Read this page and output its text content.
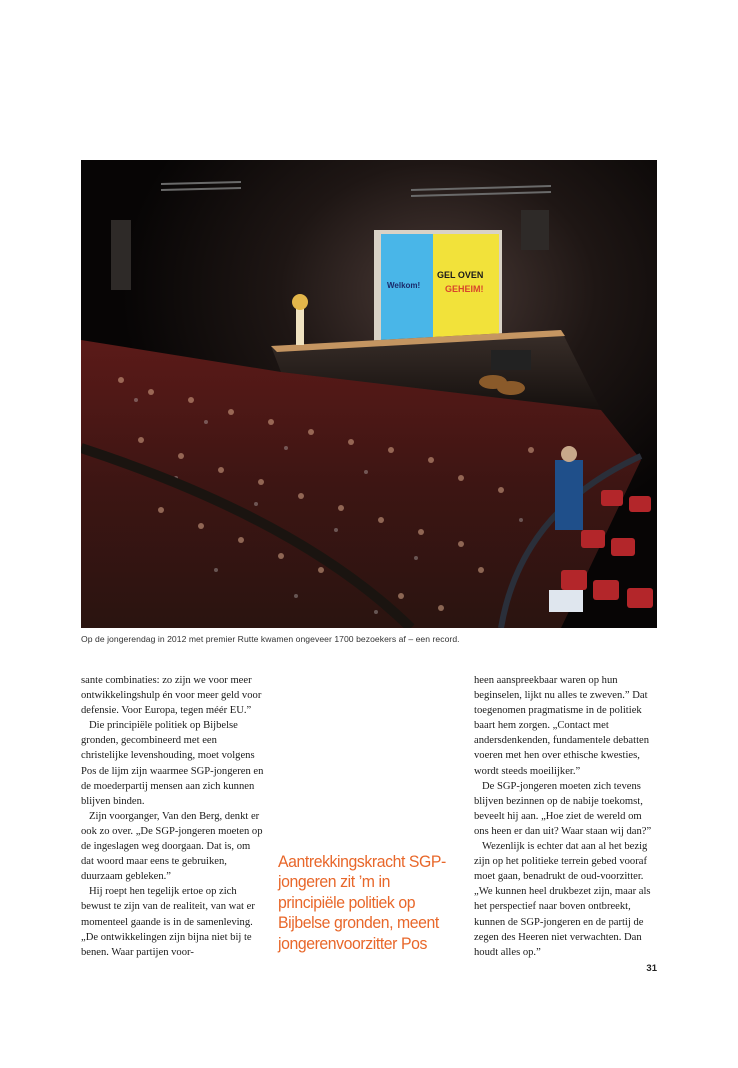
Welkom!
GEL OVEN
GEHEIM!
Op de jongerendag in 2012 met premier Rutte kwamen ongeveer 1700 bezoekers af – een record.

sante combinaties: zo zijn we voor meer ontwikkelingshulp én voor meer geld voor defensie. Voor Europa, tegen méér EU.”

Die principiële politiek op Bijbelse gronden, gecombineerd met een christelijke levenshouding, moet volgens Pos de lijm zijn waarmee SGP-jongeren en de moederpartij mensen aan zich kunnen blijven binden.

Zijn voorganger, Van den Berg, denkt er ook zo over. „De SGP-jongeren moeten op de ingeslagen weg doorgaan. Dat is, om dat woord maar eens te gebruiken, duurzaam gebleken.”

Hij roept hen tegelijk ertoe op zich bewust te zijn van de realiteit, van wat er momenteel gaande is in de samenleving. „De ontwikkelingen zijn bijna niet bij te benen. Waar partijen voor-

Aantrekkingskracht SGP-jongeren zit ’m in principiële politiek op Bijbelse gronden, meent jongerenvoorzitter Pos

heen aanspreekbaar waren op hun beginselen, lijkt nu alles te zweven.” Dat toegenomen pragmatisme in de politiek baart hem zorgen. „Contact met andersdenkenden, fundamentele debatten voeren met hen over ethische kwesties, wordt steeds moeilijker.”

De SGP-jongeren moeten zich tevens blijven bezinnen op de nabije toekomst, beveelt hij aan. „Hoe ziet de wereld om ons heen er dan uit? Waar staan wij dan?”

Wezenlijk is echter dat aan al het bezig zijn op het politieke terrein gebed vooraf moet gaan, benadrukt de oud-voorzitter. „We kunnen heel drukbezet zijn, maar als het perspectief naar boven ontbreekt, kunnen de SGP-jongeren en de partij de zegen des Heeren niet verwachten. Dan houdt alles op.”

31
